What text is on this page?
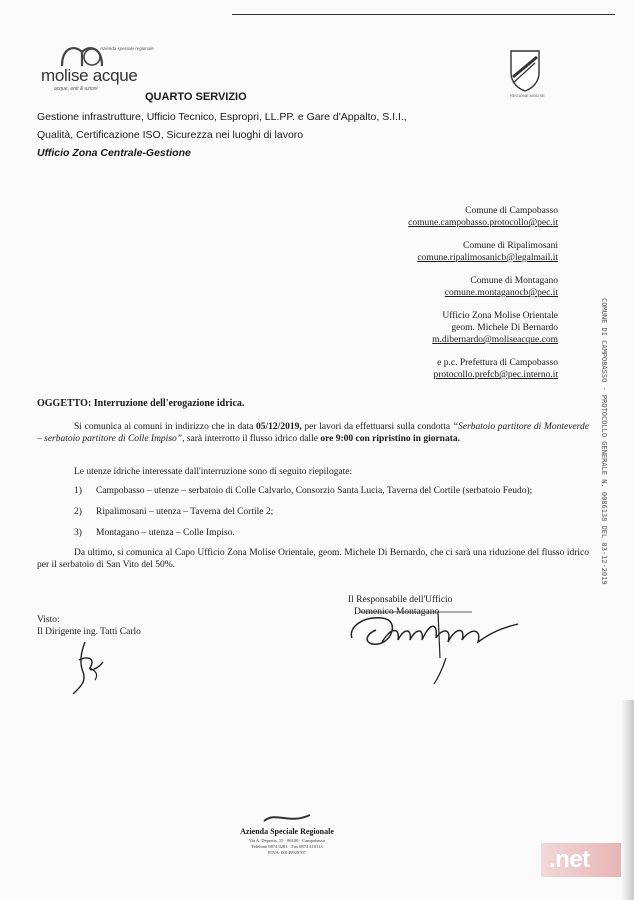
Azienda speciale regionale
molise acque
acque, enti & azioni
REGIONE MOLISE
QUARTO SERVIZIO
Gestione infrastrutture, Ufficio Tecnico, Espropri, LL.PP. e Gare d'Appalto, S.I.I.,
Qualità, Certificazione ISO, Sicurezza nei luoghi di lavoro
Ufficio Zona Centrale-Gestione
Comune di Campobasso
comune.campobasso.protocollo@pec.it
Comune di Ripalimosani
comune.ripalimosanicb@legalmail.it
Comune di Montagano
comune.montaganocb@pec.it
Ufficio Zona Molise Orientale
geom. Michele Di Bernardo
m.dibernardo@moliseacque.com
e p.c. Prefettura di Campobasso
protocollo.prefcb@pec.interno.it
OGGETTO: Interruzione dell'erogazione idrica.
Si comunica ai comuni in indirizzo che in data 05/12/2019, per lavori da effettuarsi sulla condotta “Serbatoio partitore di Monteverde – serbatoio partitore di Colle Impiso”, sarà interrotto il flusso idrico dalle ore 9:00 con ripristino in giornata.
Le utenze idriche interessate dall'interruzione sono di seguito riepilogate:
1) Campobasso – utenze – serbatoio di Colle Calvario, Consorzio Santa Lucia, Taverna del Cortile (serbatoio Feudo);
2) Ripalimosani – utenza – Taverna del Cortile 2;
3) Montagano – utenza – Colle Impiso.
Da ultimo, si comunica al Capo Ufficio Zona Molise Orientale, geom. Michele Di Bernardo, che ci sarà una riduzione del flusso idrico per il serbatoio di San Vito del 50%.
Visto:
Il Dirigente ing. Tatti Carlo
Il Responsabile dell'Ufficio
Domenico Montagano
COMUNE DI CAMPOBASSO - PROTOCOLLO GENERALE N. 0086138 DEL 03-12-2019
Azienda Speciale Regionale
Via A. Depretis, 15 · 86100 · Campobasso
Telefono 0874 4281 · Fax 0874 410113
P.IVA: 00149920707	.net
